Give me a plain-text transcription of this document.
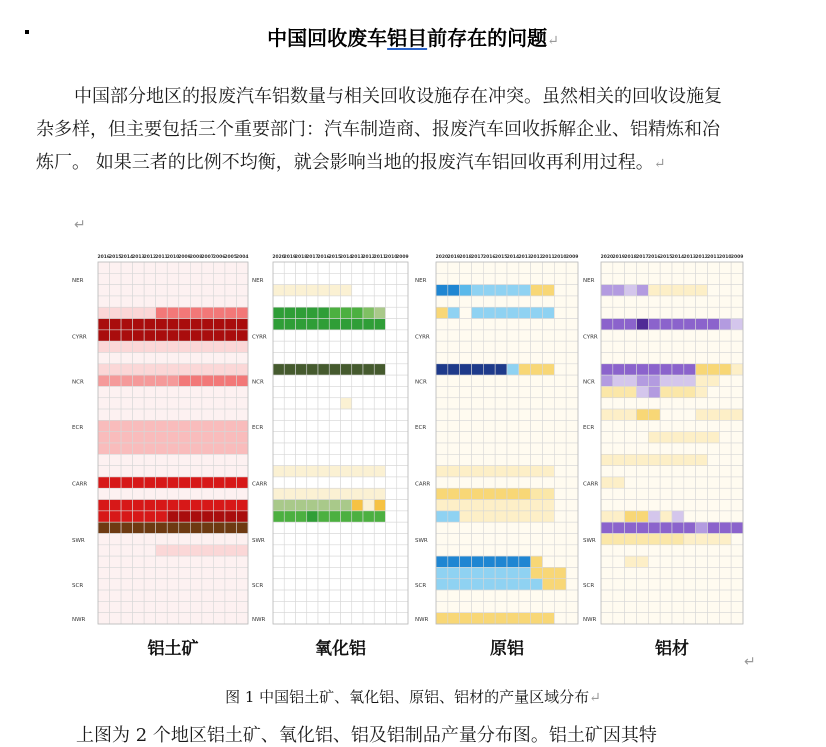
中国回收废车铝目前存在的问题↵
中国部分地区的报废汽车铝数量与相关回收设施存在冲突。虽然相关的回收设施复杂多样，但主要包括三个重要部门：汽车制造商、报废汽车回收拆解企业、铝精炼和冶炼厂。 如果三者的比例不均衡，就会影响当地的报废汽车铝回收再利用过程。↵
↵
2016 2015 2014 2013 2012 2011 2010 2009 2008 2007 2006 2005 2004
NER
CYRR
NCR
ECR
CARR
SWR
SCR
NWR
铝土矿
2020
2019
2018
2017
2016
2015
2014
2013
2012
2011
2010
2009
NER
CYRR
NCR
ECR
CARR
SWR
SCR
NWR
氧化铝
2020 2019 2018 2017 2016 2015 2014 2013 2012 2011 2010 2009
NER
CYRR
NCR
ECR
CARR
SWR
SCR
NWR
原铝
2020 2019 2018 2017 2016 2015 2014 2013 2012 2011 2010 2009
NER
CYRR
NCR
ECR
CARR
SWR
SCR
NWR
铝材
↵
图 1 中国铝土矿、氧化铝、原铝、铝材的产量区域分布↵
上图为 2 个地区铝土矿、氧化铝、铝及铝制品产量分布图。铝土矿因其特
